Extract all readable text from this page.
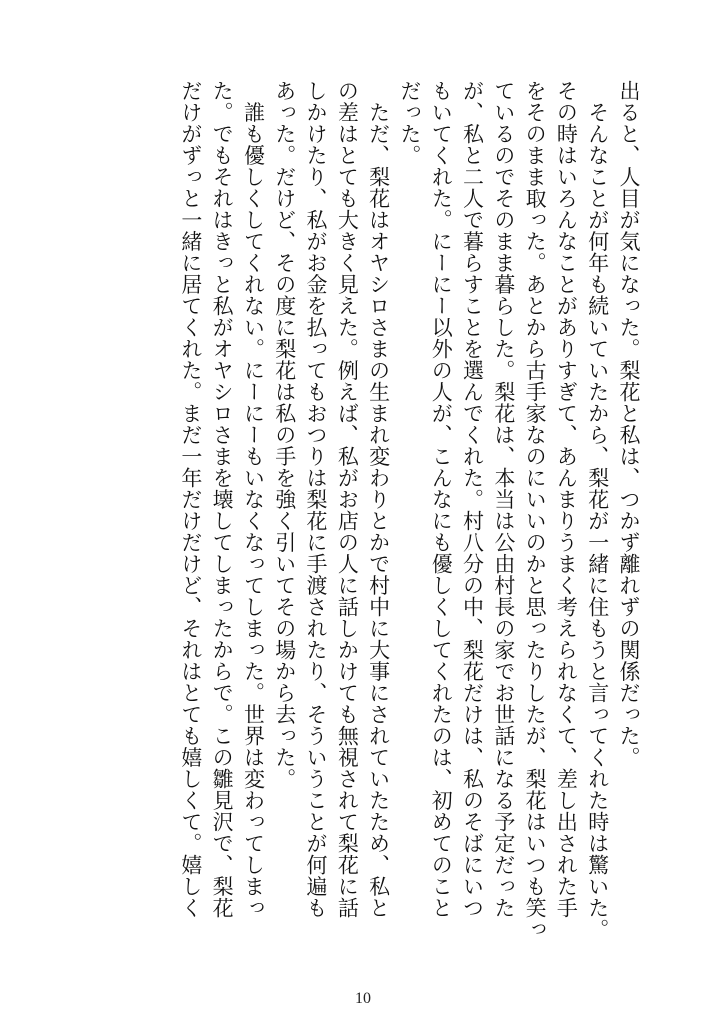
出ると、人目が気になった。梨花と私は、つかず離れずの関係だった。
　そんなことが何年も続いていたから、梨花が一緒に住もうと言ってくれた時は驚いた。
その時はいろんなことがありすぎて、あんまりうまく考えられなくて、差し出された手
をそのまま取った。あとから古手家なのにいいのかと思ったりしたが、梨花はいつも笑っ
ているのでそのまま暮らした。梨花は、本当は公由村長の家でお世話になる予定だった
が、私と二人で暮らすことを選んでくれた。村八分の中、梨花だけは、私のそばにいつ
もいてくれた。にーにー以外の人が、こんなにも優しくしてくれたのは、初めてのこと
だった。
　ただ、梨花はオヤシロさまの生まれ変わりとかで村中に大事にされていたため、私と
の差はとても大きく見えた。例えば、私がお店の人に話しかけても無視されて梨花に話
しかけたり、私がお金を払ってもおつりは梨花に手渡されたり、そういうことが何遍も
あった。だけど、その度に梨花は私の手を強く引いてその場から去った。
　誰も優しくしてくれない。にーにーもいなくなってしまった。世界は変わってしまっ
た。でもそれはきっと私がオヤシロさまを壊してしまったからで。この雛見沢で、梨花
だけがずっと一緒に居てくれた。まだ一年だけだけど、それはとても嬉しくて。嬉しく
10
